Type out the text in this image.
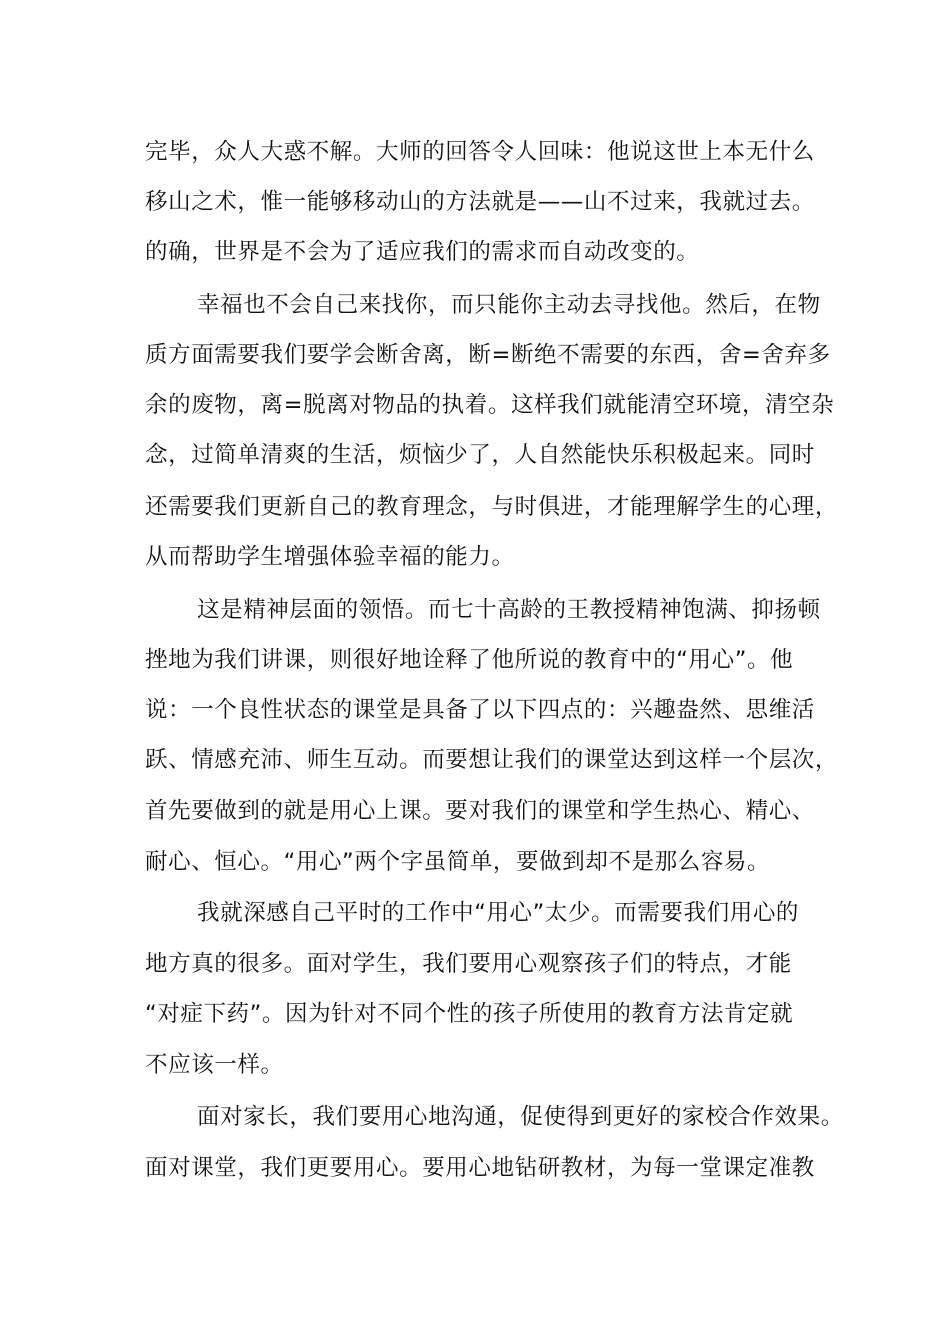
完毕，众人大惑不解。大师的回答令人回味：他说这世上本无什么
移山之术，惟一能够移动山的方法就是——山不过来，我就过去。
的确，世界是不会为了适应我们的需求而自动改变的。
幸福也不会自己来找你，而只能你主动去寻找他。然后，在物
质方面需要我们要学会断舍离，断=断绝不需要的东西，舍=舍弃多
余的废物，离=脱离对物品的执着。这样我们就能清空环境，清空杂
念，过简单清爽的生活，烦恼少了，人自然能快乐积极起来。同时
还需要我们更新自己的教育理念，与时俱进，才能理解学生的心理，
从而帮助学生增强体验幸福的能力。
这是精神层面的领悟。而七十高龄的王教授精神饱满、抑扬顿
挫地为我们讲课，则很好地诠释了他所说的教育中的“用心”。他
说：一个良性状态的课堂是具备了以下四点的：兴趣盎然、思维活
跃、情感充沛、师生互动。而要想让我们的课堂达到这样一个层次，
首先要做到的就是用心上课。要对我们的课堂和学生热心、精心、
耐心、恒心。“用心”两个字虽简单，要做到却不是那么容易。
我就深感自己平时的工作中“用心”太少。而需要我们用心的
地方真的很多。面对学生，我们要用心观察孩子们的特点，才能
“对症下药”。因为针对不同个性的孩子所使用的教育方法肯定就
不应该一样。
面对家长，我们要用心地沟通，促使得到更好的家校合作效果。
面对课堂，我们更要用心。要用心地钻研教材，为每一堂课定准教
